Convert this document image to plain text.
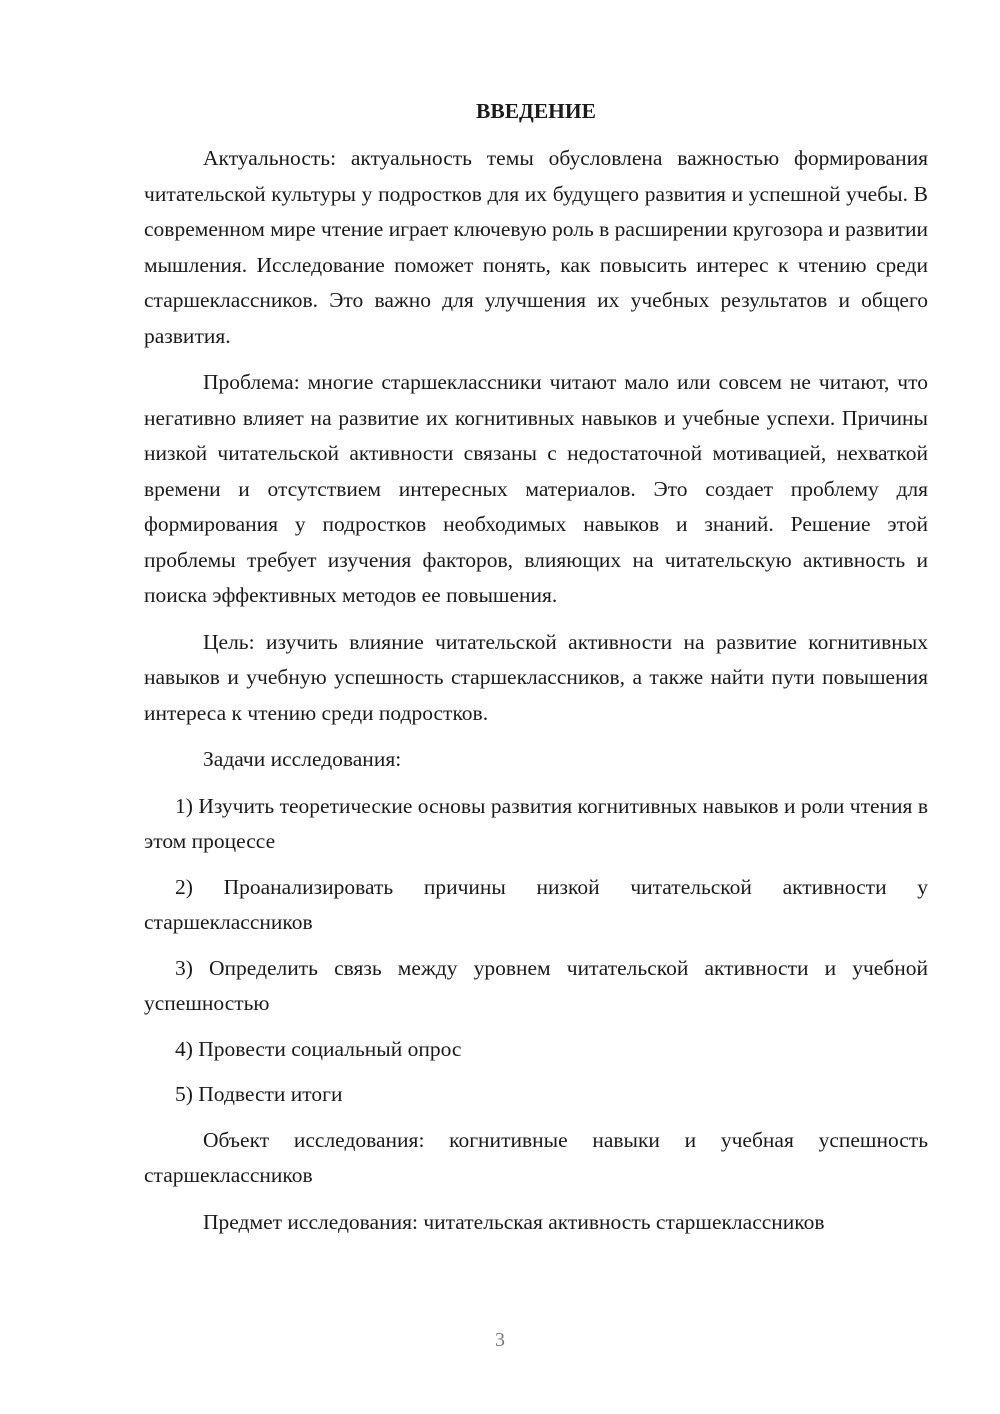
ВВЕДЕНИЕ

Актуальность: актуальность темы обусловлена важностью формирования читательской культуры у подростков для их будущего развития и успешной учебы. В современном мире чтение играет ключевую роль в расширении кругозора и развитии мышления. Исследование поможет понять, как повысить интерес к чтению среди старшеклассников. Это важно для улучшения их учебных результатов и общего развития.

Проблема: многие старшеклассники читают мало или совсем не читают, что негативно влияет на развитие их когнитивных навыков и учебные успехи. Причины низкой читательской активности связаны с недостаточной мотивацией, нехваткой времени и отсутствием интересных материалов. Это создает проблему для формирования у подростков необходимых навыков и знаний. Решение этой проблемы требует изучения факторов, влияющих на читательскую активность и поиска эффективных методов ее повышения.

Цель: изучить влияние читательской активности на развитие когнитивных навыков и учебную успешность старшеклассников, а также найти пути повышения интереса к чтению среди подростков.

Задачи исследования:

1) Изучить теоретические основы развития когнитивных навыков и роли чтения в этом процессе

2) Проанализировать причины низкой читательской активности у старшеклассников

3) Определить связь между уровнем читательской активности и учебной успешностью

4) Провести социальный опрос

5) Подвести итоги

Объект исследования: когнитивные навыки и учебная успешность старшеклассников

Предмет исследования: читательская активность старшеклассников

3
